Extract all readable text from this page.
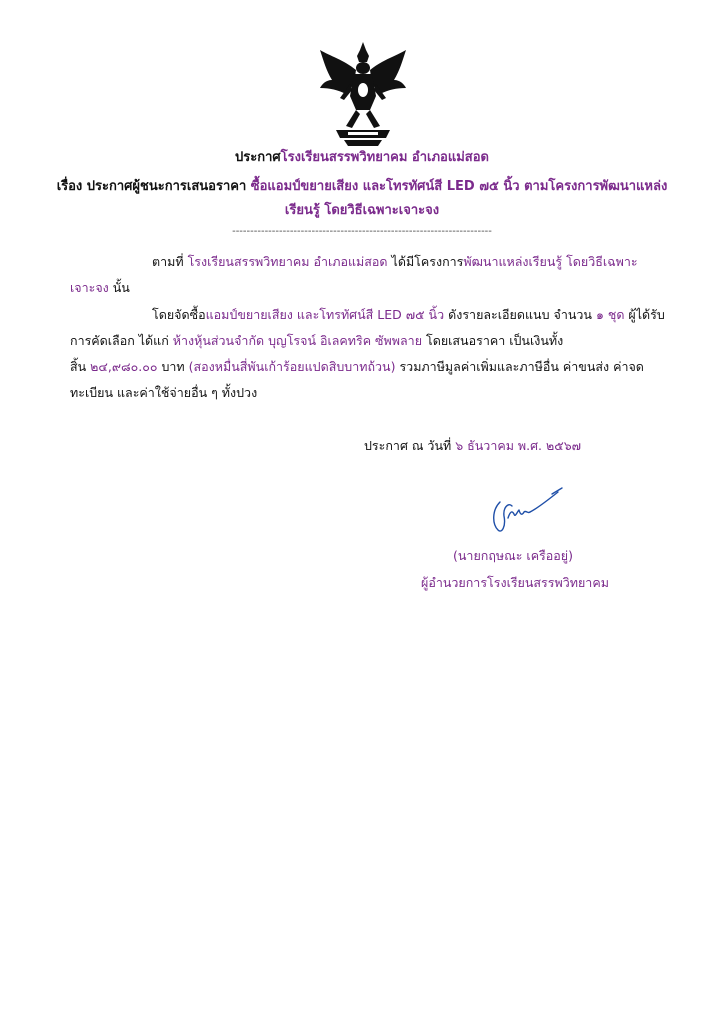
ประกาศโรงเรียนสรรพวิทยาคม อำเภอแม่สอด
เรื่อง ประกาศผู้ชนะการเสนอราคา ซื้อแอมป์ขยายเสียง และโทรทัศน์สี LED ๗๕ นิ้ว ตามโครงการพัฒนาแหล่ง
เรียนรู้ โดยวิธีเฉพาะเจาะจง
------------------------------------------------------------------------
ตามที่ โรงเรียนสรรพวิทยาคม อำเภอแม่สอด ได้มีโครงการพัฒนาแหล่งเรียนรู้ โดยวิธีเฉพาะ
เจาะจง นั้น
โดยจัดซื้อแอมป์ขยายเสียง และโทรทัศน์สี LED ๗๕ นิ้ว ดังรายละเอียดแนบ จำนวน ๑ ชุด ผู้ได้รับ
การคัดเลือก ได้แก่ ห้างหุ้นส่วนจำกัด บุญโรจน์ อิเลคทริค ซัพพลาย โดยเสนอราคา เป็นเงินทั้ง
สิ้น ๒๔,๙๘๐.๐๐ บาท (สองหมื่นสี่พันเก้าร้อยแปดสิบบาทถ้วน) รวมภาษีมูลค่าเพิ่มและภาษีอื่น ค่าขนส่ง ค่าจด
ทะเบียน และค่าใช้จ่ายอื่น ๆ ทั้งปวง
ประกาศ ณ วันที่ ๖ ธันวาคม พ.ศ. ๒๕๖๗
(นายกฤษณะ เครืออยู่)
ผู้อำนวยการโรงเรียนสรรพวิทยาคม
